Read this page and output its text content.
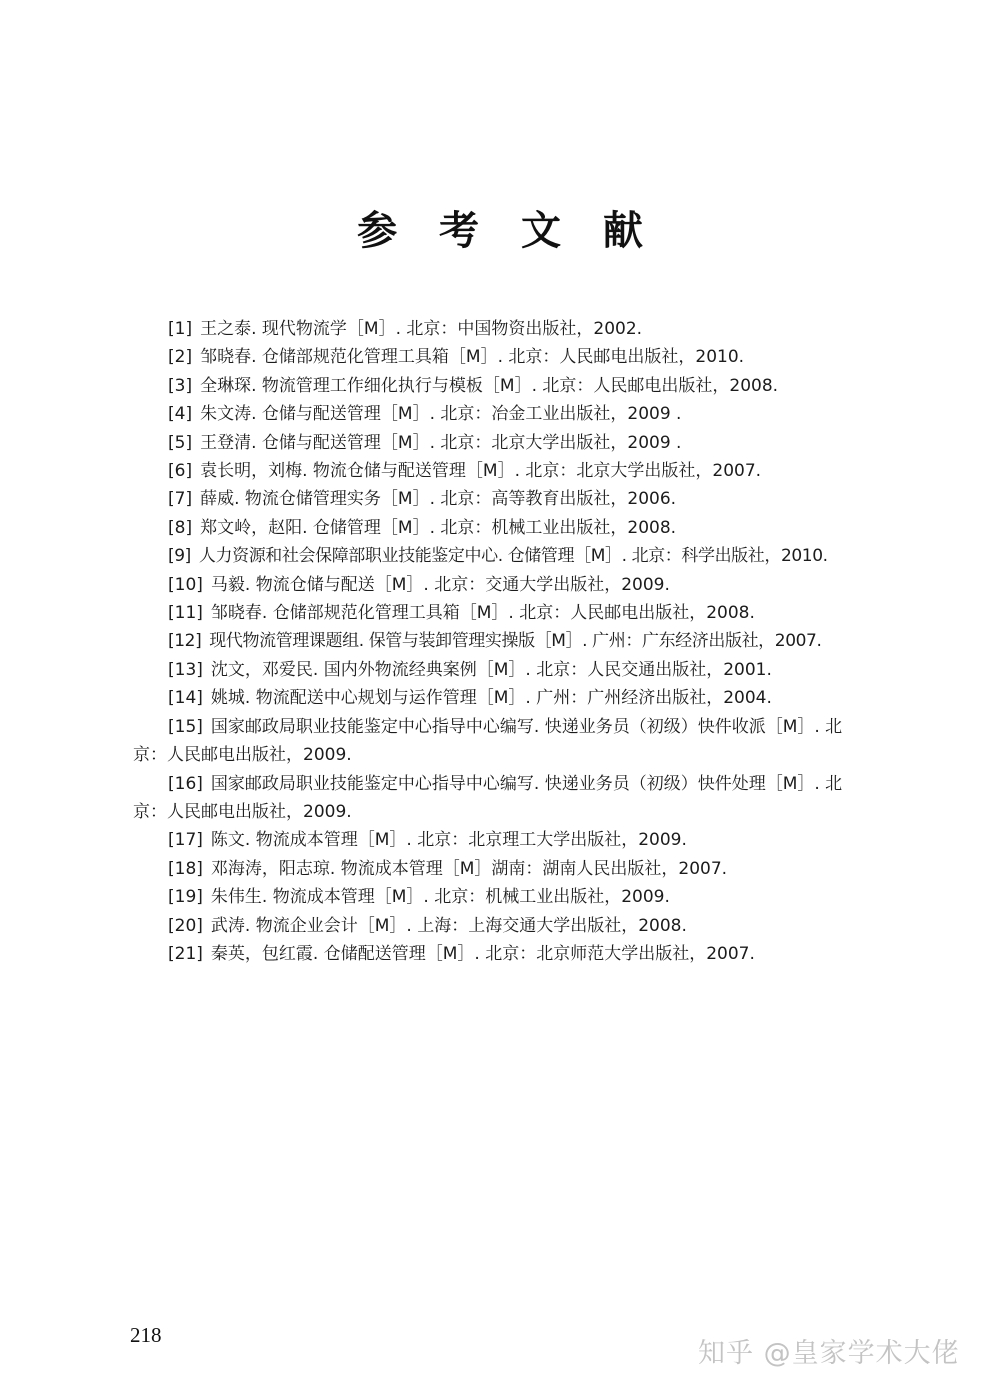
参 考 文 献
[1] 王之泰. 现代物流学［M］. 北京：中国物资出版社，2002.
[2] 邹晓春. 仓储部规范化管理工具箱［M］. 北京：人民邮电出版社，2010.
[3] 全琳琛. 物流管理工作细化执行与模板［M］. 北京：人民邮电出版社，2008.
[4] 朱文涛. 仓储与配送管理［M］. 北京：冶金工业出版社，2009 .
[5] 王登清. 仓储与配送管理［M］. 北京：北京大学出版社，2009 .
[6] 袁长明，刘梅. 物流仓储与配送管理［M］. 北京：北京大学出版社，2007.
[7] 薛威. 物流仓储管理实务［M］. 北京：高等教育出版社，2006.
[8] 郑文岭，赵阳. 仓储管理［M］. 北京：机械工业出版社，2008.
[9] 人力资源和社会保障部职业技能鉴定中心. 仓储管理［M］. 北京：科学出版社，2010.
[10] 马毅. 物流仓储与配送［M］. 北京：交通大学出版社，2009.
[11] 邹晓春. 仓储部规范化管理工具箱［M］. 北京：人民邮电出版社，2008.
[12] 现代物流管理课题组. 保管与装卸管理实操版［M］. 广州：广东经济出版社，2007.
[13] 沈文，邓爱民. 国内外物流经典案例［M］. 北京：人民交通出版社，2001.
[14] 姚城. 物流配送中心规划与运作管理［M］. 广州：广州经济出版社，2004.
[15] 国家邮政局职业技能鉴定中心指导中心编写. 快递业务员（初级）快件收派［M］. 北京：人民邮电出版社，2009.
[16] 国家邮政局职业技能鉴定中心指导中心编写. 快递业务员（初级）快件处理［M］. 北京：人民邮电出版社，2009.
[17] 陈文. 物流成本管理［M］. 北京：北京理工大学出版社，2009.
[18] 邓海涛，阳志琼. 物流成本管理［M］湖南：湖南人民出版社，2007.
[19] 朱伟生. 物流成本管理［M］. 北京：机械工业出版社，2009.
[20] 武涛. 物流企业会计［M］. 上海：上海交通大学出版社，2008.
[21] 秦英，包红霞. 仓储配送管理［M］. 北京：北京师范大学出版社，2007.
218
知乎 @皇家学术大佬
